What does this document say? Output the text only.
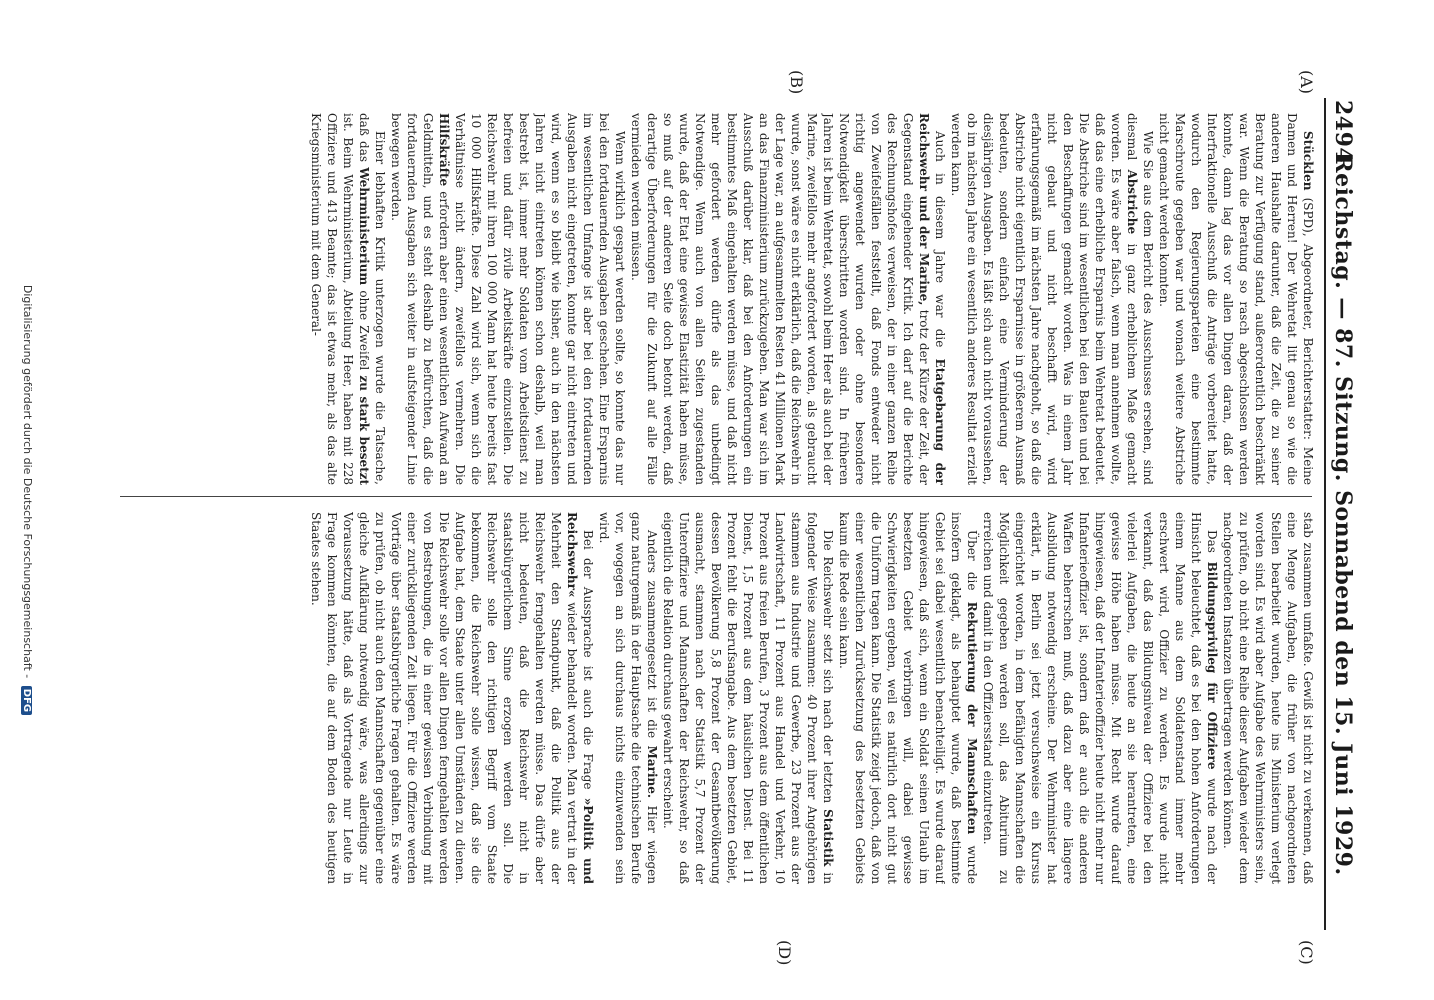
2494
Reichstag. — 87. Sitzung. Sonnabend den 15. Juni 1929.
(A)
(B)
(C)
(D)

Stücklen (SPD), Abgeordneter, Berichterstatter: Meine Damen und Herren! Der Wehretat litt genau so wie die anderen Haushalte darunter, daß die Zeit, die zu seiner Beratung zur Verfügung stand, außerordentlich beschränkt war. Wenn die Beratung so rasch abgeschlossen werden konnte, dann lag das vor allen Dingen daran, daß der Interfraktionelle Ausschuß die Anträge vorbereitet hatte, wodurch den Regierungsparteien eine bestimmte Marschroute gegeben war und wonach weitere Abstriche nicht gemacht werden konnten.

Wie Sie aus dem Bericht des Ausschusses ersehen, sind diesmal Abstriche in ganz erheblichem Maße gemacht worden. Es wäre aber falsch, wenn man annehmen wollte, daß das eine erhebliche Ersparnis beim Wehretat bedeutet. Die Abstriche sind im wesentlichen bei den Bauten und bei den Beschaffungen gemacht worden. Was in einem Jahr nicht gebaut und nicht beschafft wird, wird erfahrungsgemäß im nächsten Jahre nachgeholt, so daß die Abstriche nicht eigentlich Ersparnisse in größerem Ausmaß bedeuten, sondern einfach eine Verminderung der diesjährigen Ausgaben. Es läßt sich auch nicht voraussehen, ob im nächsten Jahre ein wesentlich anderes Resultat erzielt werden kann.

Auch in diesem Jahre war die Etatgebarung der Reichswehr und der Marine, trotz der Kürze der Zeit, der Gegenstand eingehender Kritik. Ich darf auf die Berichte des Rechnungshofes verweisen, der in einer ganzen Reihe von Zweifelsfällen feststellt, daß Fonds entweder nicht richtig angewendet wurden oder ohne besondere Notwendigkeit überschritten worden sind. In früheren Jahren ist beim Wehretat, sowohl beim Heer als auch bei der Marine, zweifellos mehr angefordert worden, als gebraucht wurde, sonst wäre es nicht erklärlich, daß die Reichswehr in der Lage war, an aufgesammelten Resten 41 Millionen Mark an das Finanzministerium zurückzugeben. Man war sich im Ausschuß darüber klar, daß bei den Anforderungen ein bestimmtes Maß eingehalten werden müsse, und daß nicht mehr gefordert werden dürfe als das unbedingt Notwendige. Wenn auch von allen Seiten zugestanden wurde, daß der Etat eine gewisse Elastizität haben müsse, so muß auf der anderen Seite doch betont werden, daß derartige Überforderungen für die Zukunft auf alle Fälle vermieden werden müssen.

Wenn wirklich gespart werden sollte, so konnte das nur bei den fortdauernden Ausgaben geschehen. Eine Ersparnis im wesentlichen Umfange ist aber bei den fortdauernden Ausgaben nicht eingetreten, konnte gar nicht eintreten und wird, wenn es so bleibt wie bisher, auch in den nächsten Jahren nicht eintreten können schon deshalb, weil man bestrebt ist, immer mehr Soldaten vom Arbeitsdienst zu befreien und dafür zivile Arbeitskräfte einzustellen. Die Reichswehr mit ihren 100 000 Mann hat heute bereits fast 10 000 Hilfskräfte. Diese Zahl wird sich, wenn sich die Verhältnisse nicht ändern, zweifellos vermehren. Die Hilfskräfte erfordern aber einen wesentlichen Aufwand an Geldmitteln, und es steht deshalb zu befürchten, daß die fortdauernden Ausgaben sich weiter in aufsteigender Linie bewegen werden.

Einer lebhaften Kritik unterzogen wurde die Tatsache, daß das Wehrministerium ohne Zweifel zu stark besetzt ist. Beim Wehrministerium, Abteilung Heer, haben mit 228 Offiziere und 413 Beamte; das ist etwas mehr, als das alte Kriegsministerium mit dem General-

stab zusammen umfaßte. Gewiß ist nicht zu verkennen, daß eine Menge Aufgaben, die früher von nachgeordneten Stellen bearbeitet wurden, heute ins Ministerium verlegt worden sind. Es wird aber Aufgabe des Wehrministers sein, zu prüfen, ob nicht eine Reihe dieser Aufgaben wieder dem nachgeordneten Instanzen übertragen werden können.

Das Bildungsprivileg für Offiziere wurde nach der Hinsicht beleuchtet, daß es bei den hohen Anforderungen einem Manne aus dem Soldatenstand immer mehr erschwert wird, Offizier zu werden. Es wurde nicht verkannt, daß das Bildungsniveau der Offiziere bei den vielerlei Aufgaben, die heute an sie herantreten, eine gewisse Höhe haben müsse. Mit Recht wurde darauf hingewiesen, daß der Infanterieoffizier heute nicht mehr nur Infanterieoffizier ist, sondern daß er auch die anderen Waffen beherrschen muß, daß dazu aber eine längere Ausbildung notwendig erscheine. Der Wehrminister hat erklärt, in Berlin sei jetzt versuchsweise ein Kursus eingerichtet worden, in dem befähigten Mannschaften die Möglichkeit gegeben werden soll, das Abiturium zu erreichen und damit in den Offiziersstand einzutreten.

Über die Rekrutierung der Mannschaften wurde insofern geklagt, als behauptet wurde, daß bestimmte Gebiet sei dabei wesentlich benachteiligt. Es wurde darauf hingewiesen, daß sich, wenn ein Soldat seinen Urlaub im besetzten Gebiet verbringen will, dabei gewisse Schwierigkeiten ergeben, weil es natürlich dort nicht gut die Uniform tragen kann. Die Statistik zeigt jedoch, daß von einer wesentlichen Zurücksetzung des besetzten Gebiets kaum die Rede sein kann.

Die Reichswehr setzt sich nach der letzten Statistik in folgender Weise zusammen: 40 Prozent ihrer Angehörigen stammen aus Industrie und Gewerbe, 23 Prozent aus der Landwirtschaft, 11 Prozent aus Handel und Verkehr, 10 Prozent aus freien Berufen, 3 Prozent aus dem öffentlichen Dienst, 1,5 Prozent aus dem häuslichen Dienst. Bei 11 Prozent fehlt die Berufsangabe. Aus dem besetzten Gebiet, dessen Bevölkerung 5,8 Prozent der Gesamtbevölkerung ausmacht, stammen nach der Statistik 5,7 Prozent der Unteroffiziere und Mannschaften der Reichswehr, so daß eigentlich die Relation durchaus gewahrt erscheint.

Anders zusammengesetzt ist die Marine. Hier wiegen ganz naturgemäß in der Hauptsache die technischen Berufe vor, wogegen an sich durchaus nichts einzuwenden sein wird.

Bei der Aussprache ist auch die Frage »Politik und Reichswehr« wieder behandelt worden. Man vertrat in der Mehrheit den Standpunkt, daß die Politik aus der Reichswehr ferngehalten werden müsse. Das dürfe aber nicht bedeuten, daß die Reichswehr nicht in staatsbürgerlichem Sinne erzogen werden soll. Die Reichswehr solle den richtigen Begriff vom Staate bekommen, die Reichswehr solle wissen, daß sie die Aufgabe hat, dem Staate unter allen Umständen zu dienen. Die Reichswehr solle vor allen Dingen ferngehalten werden von Bestrebungen, die in einer gewissen Verbindung mit einer zurückliegenden Zeit liegen. Für die Offiziere werden Vorträge über staatsbürgerliche Fragen gehalten. Es wäre zu prüfen, ob nicht auch den Mannschaften gegenüber eine gleiche Aufklärung notwendig wäre, was allerdings zur Voraussetzung hätte, daß als Vortragende nur Leute in Frage kommen könnten, die auf dem Boden des heutigen Staates stehen.

Digitalisierung gefördert durch die Deutsche Forschungsgemeinschaft - DFG
